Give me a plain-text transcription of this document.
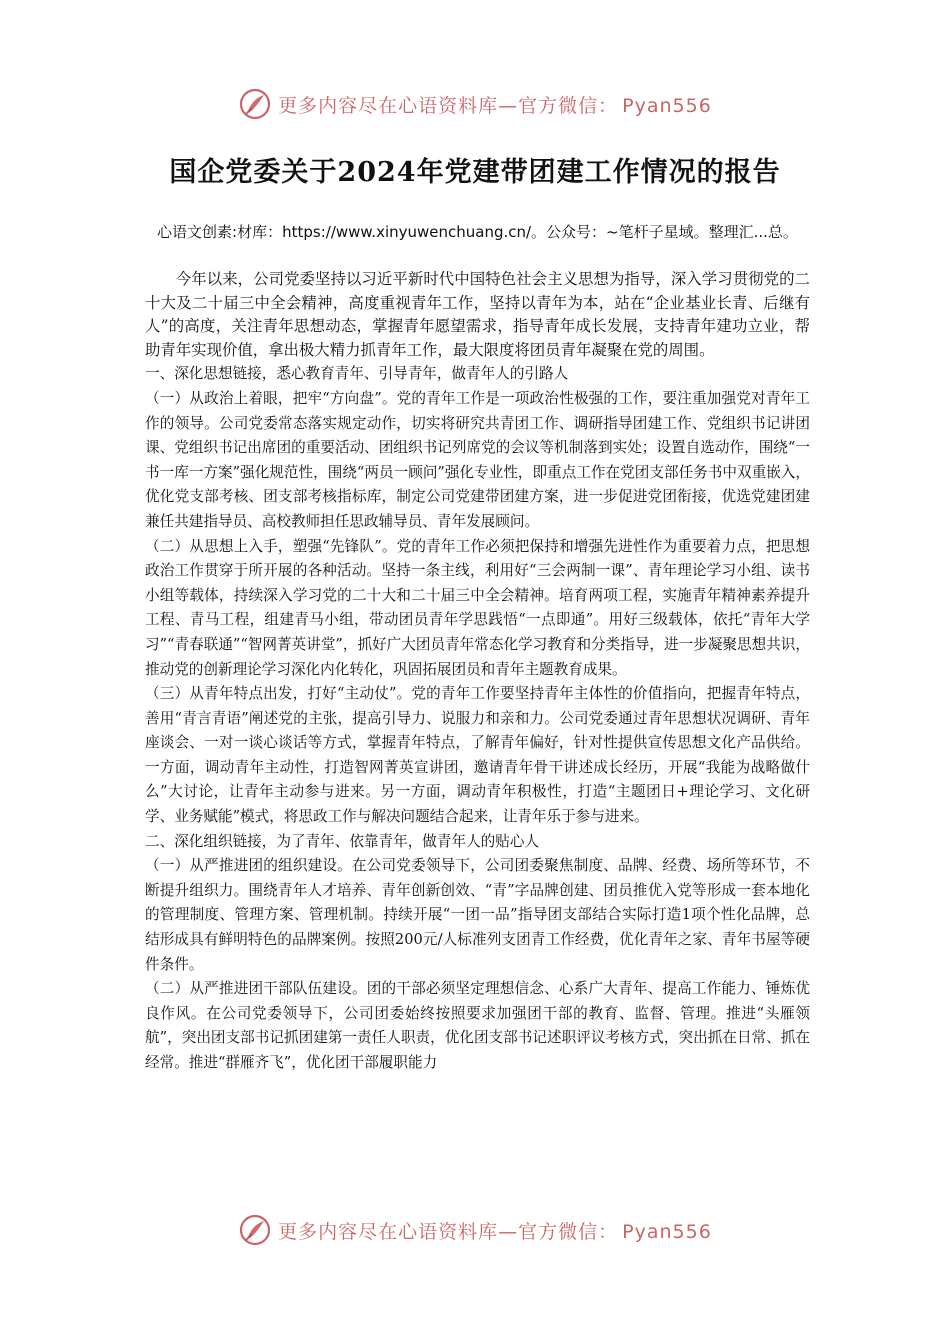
更多内容尽在心语资料库—官方微信： Pyan556
国企党委关于2024年党建带团建工作情况的报告
心语文创素:材库：https://www.xinyuwenchuang.cn/。公众号：~笔杆子星域。整理汇...总。

今年以来，公司党委坚持以习近平新时代中国特色社会主义思想为指导，深入学习贯彻党的二十大及二十届三中全会精神，高度重视青年工作，坚持以青年为本，站在“企业基业长青、后继有人”的高度，关注青年思想动态，掌握青年愿望需求，指导青年成长发展，支持青年建功立业，帮助青年实现价值，拿出极大精力抓青年工作，最大限度将团员青年凝聚在党的周围。

一、深化思想链接，悉心教育青年、引导青年，做青年人的引路人

（一）从政治上着眼，把牢“方向盘”。党的青年工作是一项政治性极强的工作，要注重加强党对青年工作的领导。公司党委常态落实规定动作，切实将研究共青团工作、调研指导团建工作、党组织书记讲团课、党组织书记出席团的重要活动、团组织书记列席党的会议等机制落到实处；设置自选动作，围绕“一书一库一方案”强化规范性，围绕“两员一顾问”强化专业性，即重点工作在党团支部任务书中双重嵌入，优化党支部考核、团支部考核指标库，制定公司党建带团建方案，进一步促进党团衔接，优选党建团建兼任共建指导员、高校教师担任思政辅导员、青年发展顾问。

（二）从思想上入手，塑强“先锋队”。党的青年工作必须把保持和增强先进性作为重要着力点，把思想政治工作贯穿于所开展的各种活动。坚持一条主线，利用好“三会两制一课”、青年理论学习小组、读书小组等载体，持续深入学习党的二十大和二十届三中全会精神。培育两项工程，实施青年精神素养提升工程、青马工程，组建青马小组，带动团员青年学思践悟“一点即通”。用好三级载体，依托“青年大学习”“青春联通”“智网菁英讲堂”，抓好广大团员青年常态化学习教育和分类指导，进一步凝聚思想共识，推动党的创新理论学习深化内化转化，巩固拓展团员和青年主题教育成果。

（三）从青年特点出发，打好“主动仗”。党的青年工作要坚持青年主体性的价值指向，把握青年特点，善用“青言青语”阐述党的主张，提高引导力、说服力和亲和力。公司党委通过青年思想状况调研、青年座谈会、一对一谈心谈话等方式，掌握青年特点，了解青年偏好，针对性提供宣传思想文化产品供给。一方面，调动青年主动性，打造智网菁英宣讲团，邀请青年骨干讲述成长经历，开展“我能为战略做什么”大讨论，让青年主动参与进来。另一方面，调动青年积极性，打造“主题团日+理论学习、文化研学、业务赋能”模式，将思政工作与解决问题结合起来，让青年乐于参与进来。

二、深化组织链接，为了青年、依靠青年，做青年人的贴心人

（一）从严推进团的组织建设。在公司党委领导下，公司团委聚焦制度、品牌、经费、场所等环节，不断提升组织力。围绕青年人才培养、青年创新创效、“青”字品牌创建、团员推优入党等形成一套本地化的管理制度、管理方案、管理机制。持续开展“一团一品”指导团支部结合实际打造1项个性化品牌，总结形成具有鲜明特色的品牌案例。按照200元/人标准列支团青工作经费，优化青年之家、青年书屋等硬件条件。

（二）从严推进团干部队伍建设。团的干部必须坚定理想信念、心系广大青年、提高工作能力、锤炼优良作风。在公司党委领导下，公司团委始终按照要求加强团干部的教育、监督、管理。推进“头雁领航”，突出团支部书记抓团建第一责任人职责，优化团支部书记述职评议考核方式，突出抓在日常、抓在经常。推进“群雁齐飞”，优化团干部履职能力

更多内容尽在心语资料库—官方微信： Pyan556
